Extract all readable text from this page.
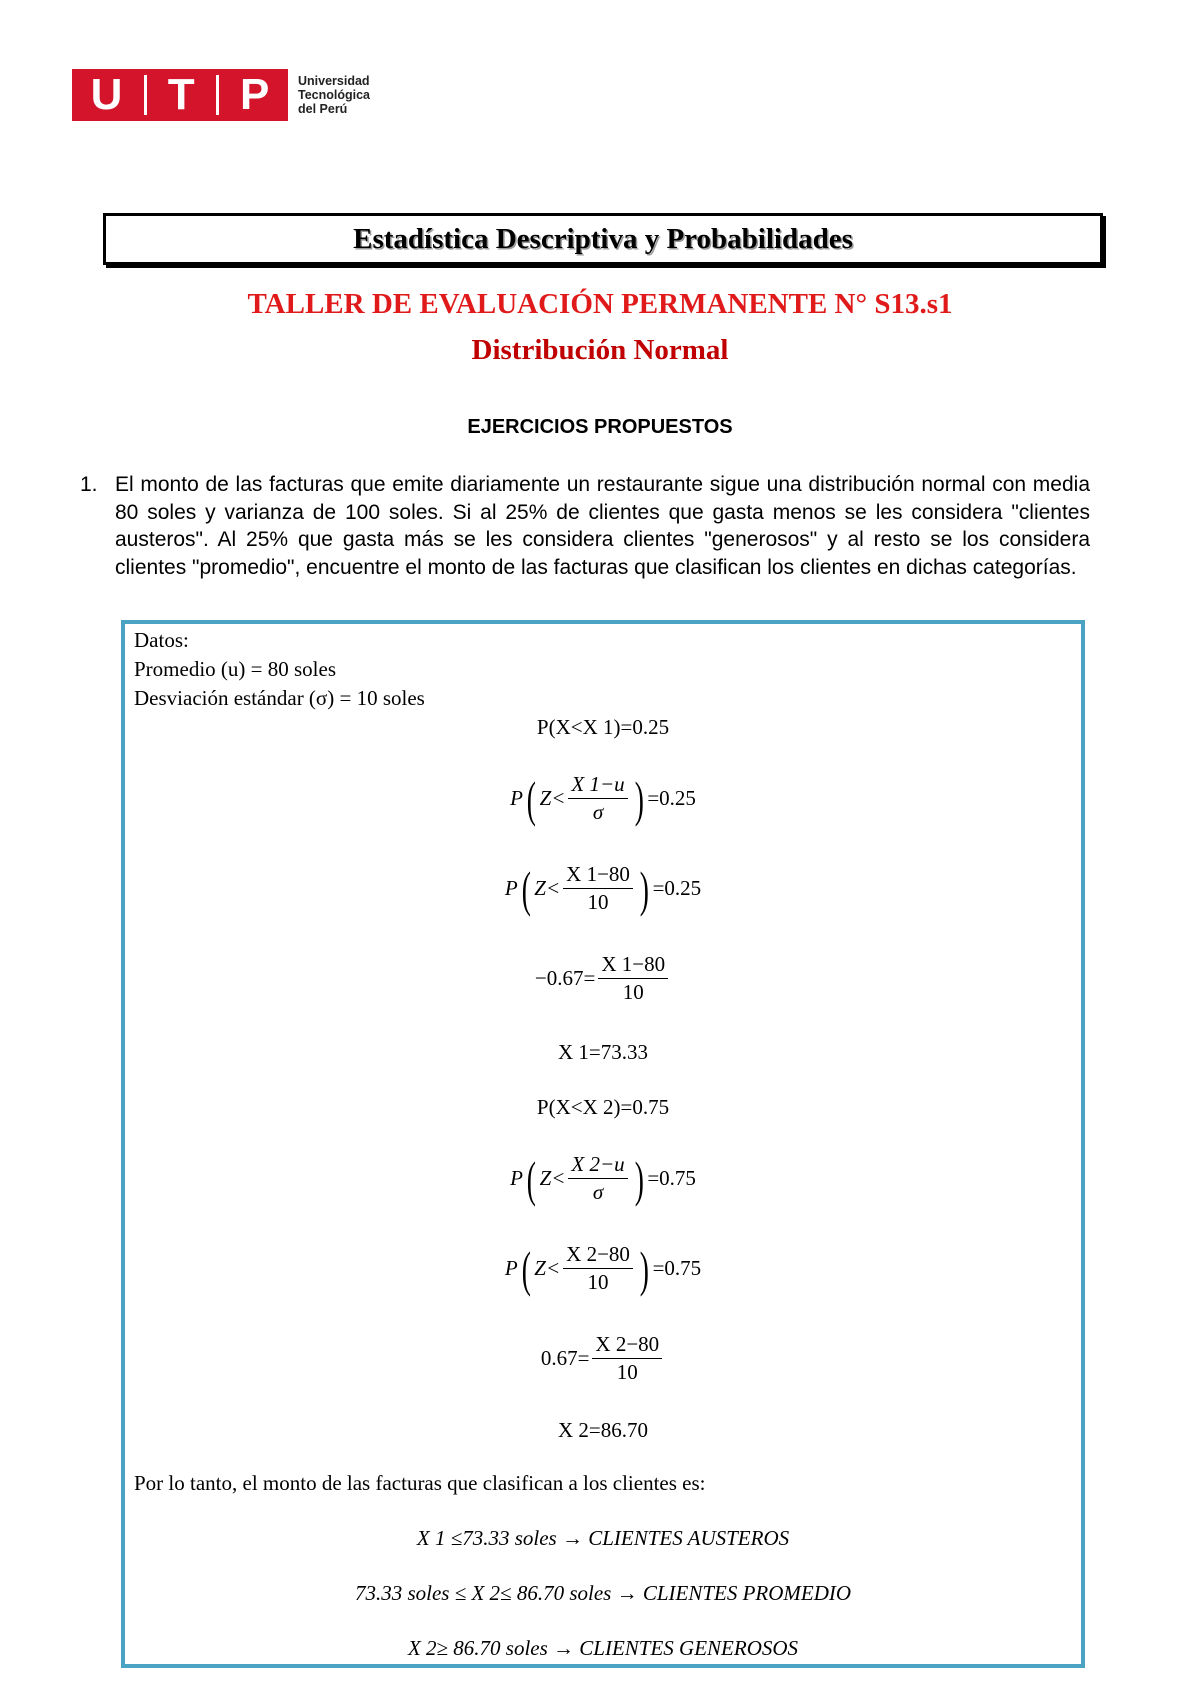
U T P Universidad
Tecnológica
del Perú
Estadística Descriptiva y Probabilidades
TALLER DE EVALUACIÓN PERMANENTE N° S13.s1
Distribución Normal
EJERCICIOS PROPUESTOS
1. El monto de las facturas que emite diariamente un restaurante sigue una distribución normal con media 80 soles y varianza de 100 soles. Si al 25% de clientes que gasta menos se les considera "clientes austeros". Al 25% que gasta más se les considera clientes "generosos" y al resto se los considera clientes "promedio", encuentre el monto de las facturas que clasifican los clientes en dichas categorías.
Datos:
Promedio (u) = 80 soles
Desviación estándar (σ) = 10 soles
P(X<X 1)=0.25
P ( $Z< \frac{X 1-u}{\sigma}$ ) =0.25
P ( $Z< \frac{X 1-80}{10}$ ) =0.25
$-0.67= \frac{X 1-80}{10}$
X 1=73.33
P(X<X 2)=0.75
P ( $Z< \frac{X 2-u}{\sigma}$ ) =0.75
P ( $Z< \frac{X 2-80}{10}$ ) =0.75
$0.67= \frac{X 2-80}{10}$
X 2=86.70
Por lo tanto, el monto de las facturas que clasifican a los clientes es:
X 1 ≤73.33 soles → CLIENTES AUSTEROS
73.33 soles ≤ X 2≤ 86.70 soles → CLIENTES PROMEDIO
X 2≥ 86.70 soles → CLIENTES GENEROSOS
